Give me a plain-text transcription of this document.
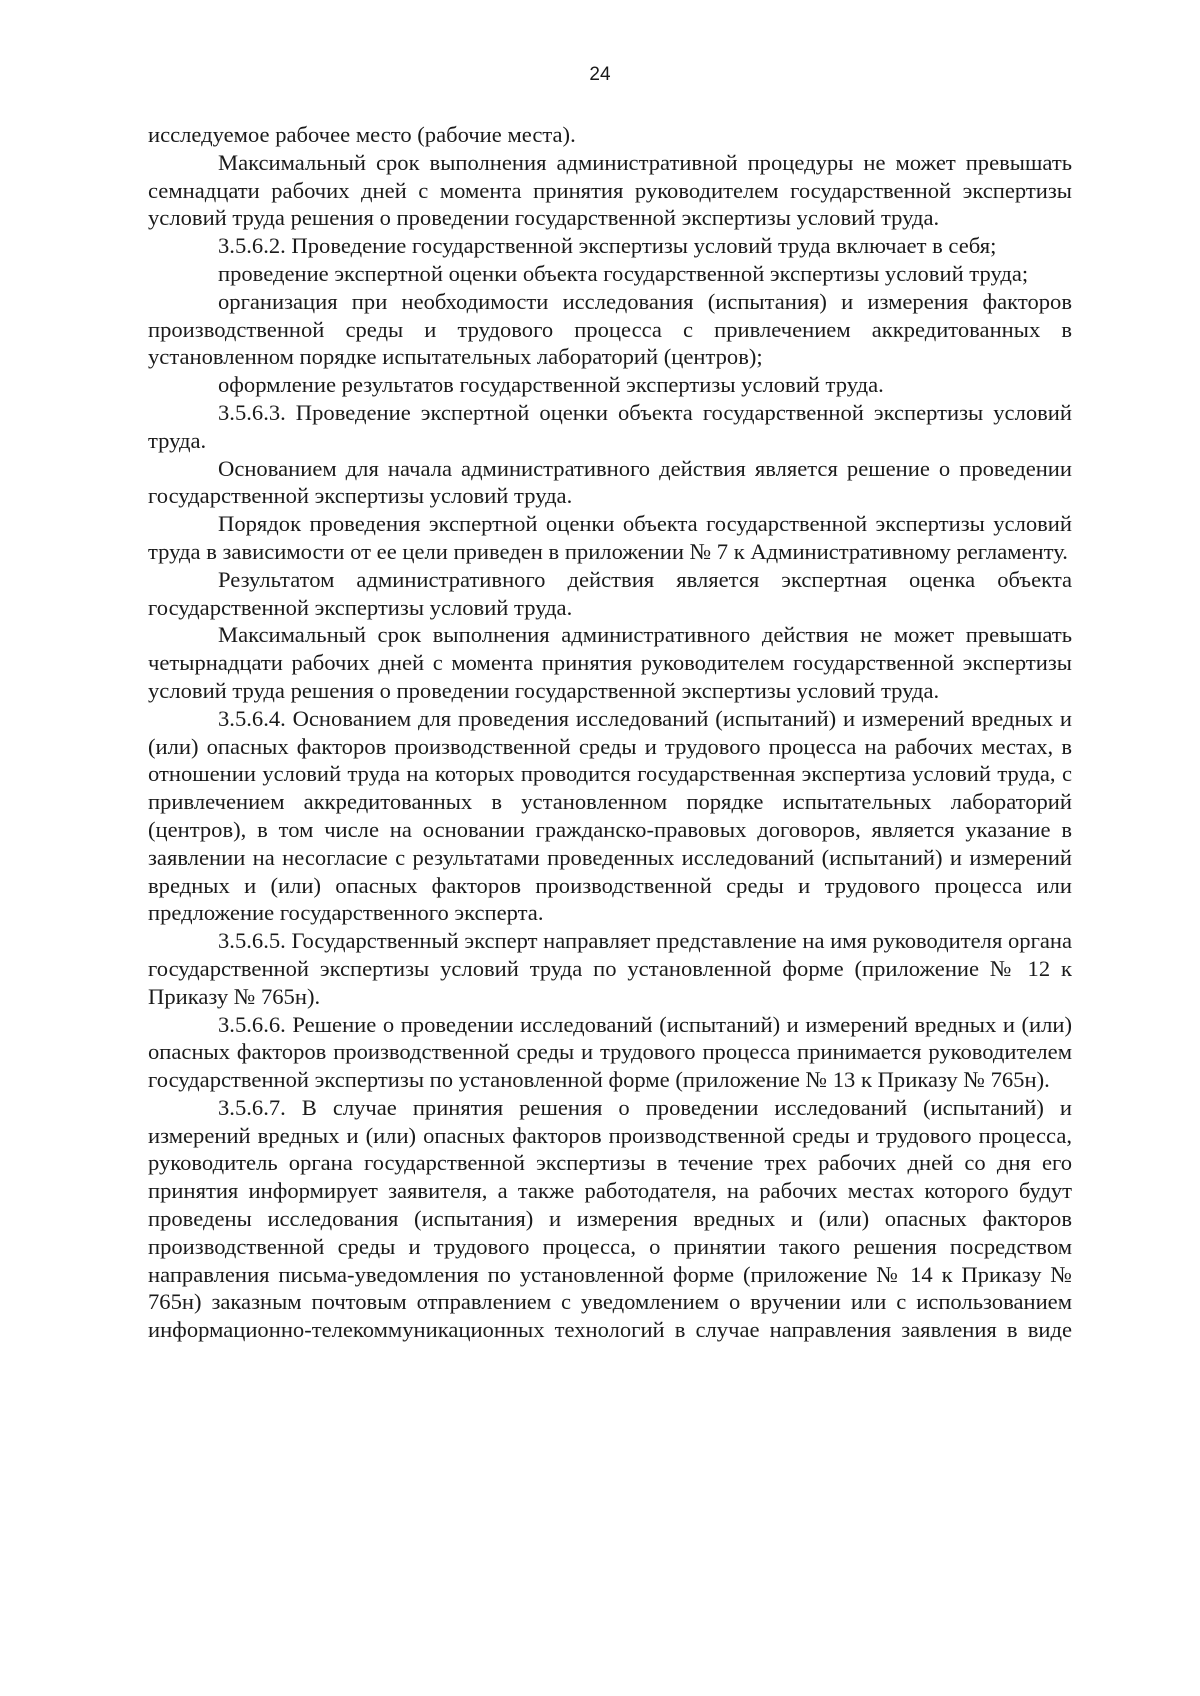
24

исследуемое рабочее место (рабочие места).

Максимальный срок выполнения административной процедуры не может превышать семнадцати рабочих дней с момента принятия руководителем государственной экспертизы условий труда решения о проведении государственной экспертизы условий труда.

3.5.6.2. Проведение государственной экспертизы условий труда включает в себя;

проведение экспертной оценки объекта государственной экспертизы условий труда;

организация при необходимости исследования (испытания) и измерения факторов производственной среды и трудового процесса с привлечением аккредитованных в установленном порядке испытательных лабораторий (центров);

оформление результатов государственной экспертизы условий труда.

3.5.6.3. Проведение экспертной оценки объекта государственной экспертизы условий труда.

Основанием для начала административного действия является решение о проведении государственной экспертизы условий труда.

Порядок проведения экспертной оценки объекта государственной экспертизы условий труда в зависимости от ее цели приведен в приложении № 7 к Административному регламенту.

Результатом административного действия является экспертная оценка объекта государственной экспертизы условий труда.

Максимальный срок выполнения административного действия не может превышать четырнадцати рабочих дней с момента принятия руководителем государственной экспертизы условий труда решения о проведении государственной экспертизы условий труда.

3.5.6.4. Основанием для проведения исследований (испытаний) и измерений вредных и (или) опасных факторов производственной среды и трудового процесса на рабочих местах, в отношении условий труда на которых проводится государственная экспертиза условий труда, с привлечением аккредитованных в установленном порядке испытательных лабораторий (центров), в том числе на основании гражданско-правовых договоров, является указание в заявлении на несогласие с результатами проведенных исследований (испытаний) и измерений вредных и (или) опасных факторов производственной среды и трудового процесса или предложение государственного эксперта.

3.5.6.5. Государственный эксперт направляет представление на имя руководителя органа государственной экспертизы условий труда по установленной форме (приложение № 12 к Приказу № 765н).

3.5.6.6. Решение о проведении исследований (испытаний) и измерений вредных и (или) опасных факторов производственной среды и трудового процесса принимается руководителем государственной экспертизы по установленной форме (приложение № 13 к Приказу № 765н).

3.5.6.7. В случае принятия решения о проведении исследований (испытаний) и измерений вредных и (или) опасных факторов производственной среды и трудового процесса, руководитель органа государственной экспертизы в течение трех рабочих дней со дня его принятия информирует заявителя, а также работодателя, на рабочих местах которого будут проведены исследования (испытания) и измерения вредных и (или) опасных факторов производственной среды и трудового процесса, о принятии такого решения посредством направления письма-уведомления по установленной форме (приложение № 14 к Приказу № 765н) заказным почтовым отправлением с уведомлением о вручении или с использованием информационно-телекоммуникационных технологий в случае направления заявления в виде
